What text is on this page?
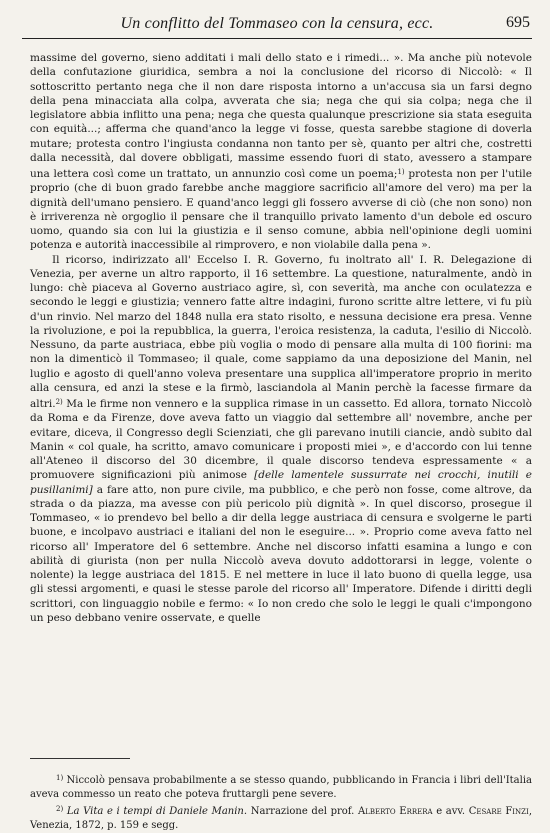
Un conflitto del Tommaseo con la censura, ecc.	695

massime del governo, sieno additati i mali dello stato e i rimedi... ». Ma anche più notevole della confutazione giuridica, sembra a noi la conclusione del ricorso di Niccolò: « Il sottoscritto pertanto nega che il non dare risposta intorno a un'accusa sia un farsi degno della pena minacciata alla colpa, avverata che sia; nega che qui sia colpa; nega che il legislatore abbia inflitto una pena; nega che questa qualunque prescrizione sia stata eseguita con equità...; afferma che quand'anco la legge vi fosse, questa sarebbe stagione di doverla mutare; protesta contro l'ingiusta condanna non tanto per sè, quanto per altri che, costretti dalla necessità, dal dovere obbligati, massime essendo fuori di stato, avessero a stampare una lettera così come un trattato, un annunzio così come un poema;$^{1)}$ protesta non per l'utile proprio (che di buon grado farebbe anche maggiore sacrificio all'amore del vero) ma per la dignità dell'umano pensiero. E quand'anco leggi gli fossero avverse di ciò (che non sono) non è irriverenza nè orgoglio il pensare che il tranquillo privato lamento d'un debole ed oscuro uomo, quando sia con lui la giustizia e il senso comune, abbia nell'opinione degli uomini potenza e autorità inaccessibile al rimprovero, e non violabile dalla pena ».

Il ricorso, indirizzato all' Eccelso I. R. Governo, fu inoltrato all' I. R. Delegazione di Venezia, per averne un altro rapporto, il 16 settembre. La questione, naturalmente, andò in lungo: chè piaceva al Governo austriaco agire, sì, con severità, ma anche con oculatezza e secondo le leggi e giustizia; vennero fatte altre indagini, furono scritte altre lettere, vi fu più d'un rinvio. Nel marzo del 1848 nulla era stato risolto, e nessuna decisione era presa. Venne la rivoluzione, e poi la repubblica, la guerra, l'eroica resistenza, la caduta, l'esilio di Niccolò. Nessuno, da parte austriaca, ebbe più voglia o modo di pensare alla multa di 100 fiorini: ma non la dimenticò il Tommaseo; il quale, come sappiamo da una deposizione del Manin, nel luglio e agosto di quell'anno voleva presentare una supplica all'imperatore proprio in merito alla censura, ed anzi la stese e la firmò, lasciandola al Manin perchè la facesse firmare da altri.$^{2)}$ Ma le firme non vennero e la supplica rimase in un cassetto. Ed allora, tornato Niccolò da Roma e da Firenze, dove aveva fatto un viaggio dal settembre all' novembre, anche per evitare, diceva, il Congresso degli Scienziati, che gli parevano inutili ciancie, andò subito dal Manin « col quale, ha scritto, amavo comunicare i proposti miei », e d'accordo con lui tenne all'Ateneo il discorso del 30 dicembre, il quale discorso tendeva espressamente « a promuovere significazioni più animose [delle lamentele sussurrate nei crocchi, inutili e pusillanimi] a fare atto, non pure civile, ma pubblico, e che però non fosse, come altrove, da strada o da piazza, ma avesse con più pericolo più dignità ». In quel discorso, prosegue il Tommaseo, « io prendevo bel bello a dir della legge austriaca di censura e svolgerne le parti buone, e incolpavo austriaci e italiani del non le eseguire... ». Proprio come aveva fatto nel ricorso all' Imperatore del 6 settembre. Anche nel discorso infatti esamina a lungo e con abilità di giurista (non per nulla Niccolò aveva dovuto addottorarsi in legge, volente o nolente) la legge austriaca del 1815. E nel mettere in luce il lato buono di quella legge, usa gli stessi argomenti, e quasi le stesse parole del ricorso all' Imperatore. Difende i diritti degli scrittori, con linguaggio nobile e fermo: « Io non credo che solo le leggi le quali c'impongono un peso debbano venire osservate, e quelle

$^{1)}$ Niccolò pensava probabilmente a se stesso quando, pubblicando in Francia i libri dell'Italia aveva commesso un reato che poteva fruttargli pene severe.

$^{2)}$ La Vita e i tempi di Daniele Manin. Narrazione del prof. Alberto Errera e avv. Cesare Finzi, Venezia, 1872, p. 159 e segg.
